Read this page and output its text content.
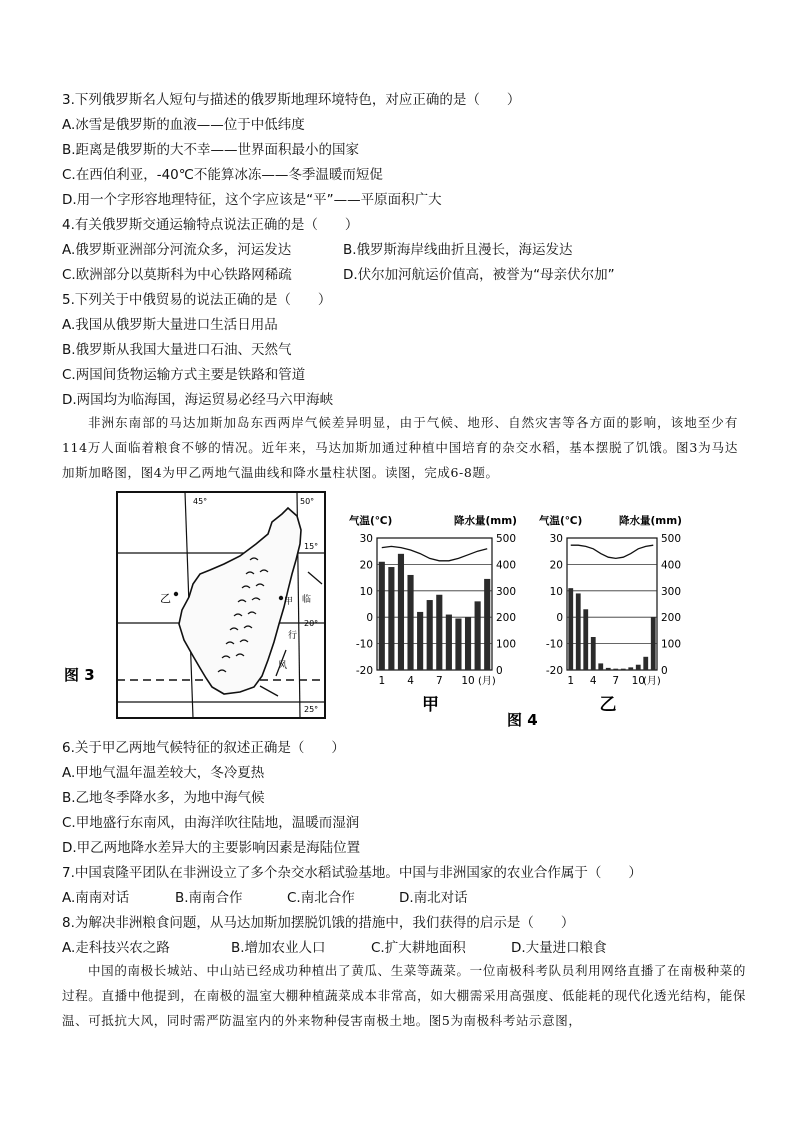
3.下列俄罗斯名人短句与描述的俄罗斯地理环境特色，对应正确的是（　　）
A.冰雪是俄罗斯的血液——位于中低纬度
B.距离是俄罗斯的大不幸——世界面积最小的国家
C.在西伯利亚，-40℃不能算冰冻——冬季温暖而短促
D.用一个字形容地理特征，这个字应该是“平”——平原面积广大
4.有关俄罗斯交通运输特点说法正确的是（　　）
A.俄罗斯亚洲部分河流众多，河运发达	B.俄罗斯海岸线曲折且漫长，海运发达
C.欧洲部分以莫斯科为中心铁路网稀疏	D.伏尔加河航运价值高，被誉为“母亲伏尔加”
5.下列关于中俄贸易的说法正确的是（　　）
A.我国从俄罗斯大量进口生活日用品
B.俄罗斯从我国大量进口石油、天然气
C.两国间货物运输方式主要是铁路和管道
D.两国均为临海国，海运贸易必经马六甲海峡
非洲东南部的马达加斯加岛东西两岸气候差异明显，由于气候、地形、自然灾害等各方面的影响，该地至少有114万人面临着粮食不够的情况。近年来，马达加斯加通过种植中国培育的杂交水稻，基本摆脱了饥饿。图3为马达加斯加略图，图4为甲乙两地气温曲线和降水量柱状图。读图，完成6-8题。
45°	50°
15°
20°
25°
乙	甲 临
行
风
图 3
气温(℃)	降水量(mm)
30
20
10
0
-10
-20
500
400
300
200
100
0
1 4 7 10 (月)
甲
气温(℃)	降水量(mm)
30
20
10
0
-10
-20
500
400
300
200
100
0
1 4 7 10
(月)
乙
图 4
6.关于甲乙两地气候特征的叙述正确是（　　）
A.甲地气温年温差较大，冬冷夏热
B.乙地冬季降水多，为地中海气候
C.甲地盛行东南风，由海洋吹往陆地，温暖而湿润
D.甲乙两地降水差异大的主要影响因素是海陆位置
7.中国袁隆平团队在非洲设立了多个杂交水稻试验基地。中国与非洲国家的农业合作属于（　　）
A.南南对话	B.南南合作	C.南北合作	D.南北对话
8.为解决非洲粮食问题，从马达加斯加摆脱饥饿的措施中，我们获得的启示是（　　）
A.走科技兴农之路	B.增加农业人口	C.扩大耕地面积	D.大量进口粮食
中国的南极长城站、中山站已经成功种植出了黄瓜、生菜等蔬菜。一位南极科考队员利用网络直播了在南极种菜的过程。直播中他提到，在南极的温室大棚种植蔬菜成本非常高，如大棚需采用高强度、低能耗的现代化透光结构，能保温、可抵抗大风，同时需严防温室内的外来物种侵害南极土地。图5为南极科考站示意图，
